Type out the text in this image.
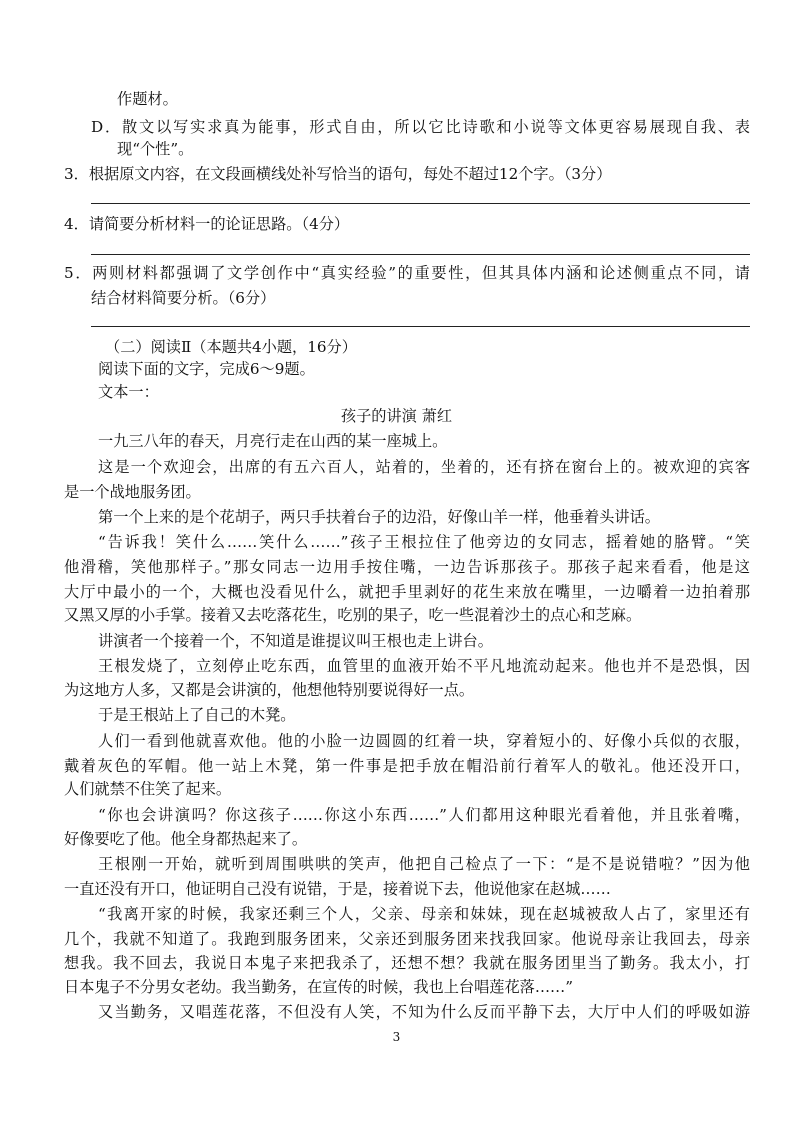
作题材。
D．散文以写实求真为能事，形式自由，所以它比诗歌和小说等文体更容易展现自我、表
现“个性”。
3．根据原文内容，在文段画横线处补写恰当的语句，每处不超过12个字。（3分）
4．请简要分析材料一的论证思路。（4分）
5．两则材料都强调了文学创作中“真实经验”的重要性，但其具体内涵和论述侧重点不同，请
结合材料简要分析。（6分）
（二）阅读Ⅱ（本题共4小题，16分）
阅读下面的文字，完成6～9题。
文本一：
孩子的讲演 萧红
一九三八年的春天，月亮行走在山西的某一座城上。
这是一个欢迎会，出席的有五六百人，站着的，坐着的，还有挤在窗台上的。被欢迎的宾客
是一个战地服务团。
第一个上来的是个花胡子，两只手扶着台子的边沿，好像山羊一样，他垂着头讲话。
“告诉我！笑什么……笑什么……”孩子王根拉住了他旁边的女同志，摇着她的胳臂。“笑
他滑稽，笑他那样子。”那女同志一边用手按住嘴，一边告诉那孩子。那孩子起来看看，他是这
大厅中最小的一个，大概也没看见什么，就把手里剥好的花生来放在嘴里，一边嚼着一边拍着那
又黑又厚的小手掌。接着又去吃落花生，吃别的果子，吃一些混着沙土的点心和芝麻。
讲演者一个接着一个，不知道是谁提议叫王根也走上讲台。
王根发烧了，立刻停止吃东西，血管里的血液开始不平凡地流动起来。他也并不是恐惧，因
为这地方人多，又都是会讲演的，他想他特别要说得好一点。
于是王根站上了自己的木凳。
人们一看到他就喜欢他。他的小脸一边圆圆的红着一块，穿着短小的、好像小兵似的衣服，
戴着灰色的军帽。他一站上木凳，第一件事是把手放在帽沿前行着军人的敬礼。他还没开口，
人们就禁不住笑了起来。
“你也会讲演吗？你这孩子……你这小东西……”人们都用这种眼光看着他，并且张着嘴，
好像要吃了他。他全身都热起来了。
王根刚一开始，就听到周围哄哄的笑声，他把自己检点了一下：“是不是说错啦？”因为他
一直还没有开口，他证明自己没有说错，于是，接着说下去，他说他家在赵城……
“我离开家的时候，我家还剩三个人，父亲、母亲和妹妹，现在赵城被敌人占了，家里还有
几个，我就不知道了。我跑到服务团来，父亲还到服务团来找我回家。他说母亲让我回去，母亲
想我。我不回去，我说日本鬼子来把我杀了，还想不想？我就在服务团里当了勤务。我太小，打
日本鬼子不分男女老幼。我当勤务，在宣传的时候，我也上台唱莲花落……”
又当勤务，又唱莲花落，不但没有人笑，不知为什么反而平静下去，大厅中人们的呼吸如游
3
